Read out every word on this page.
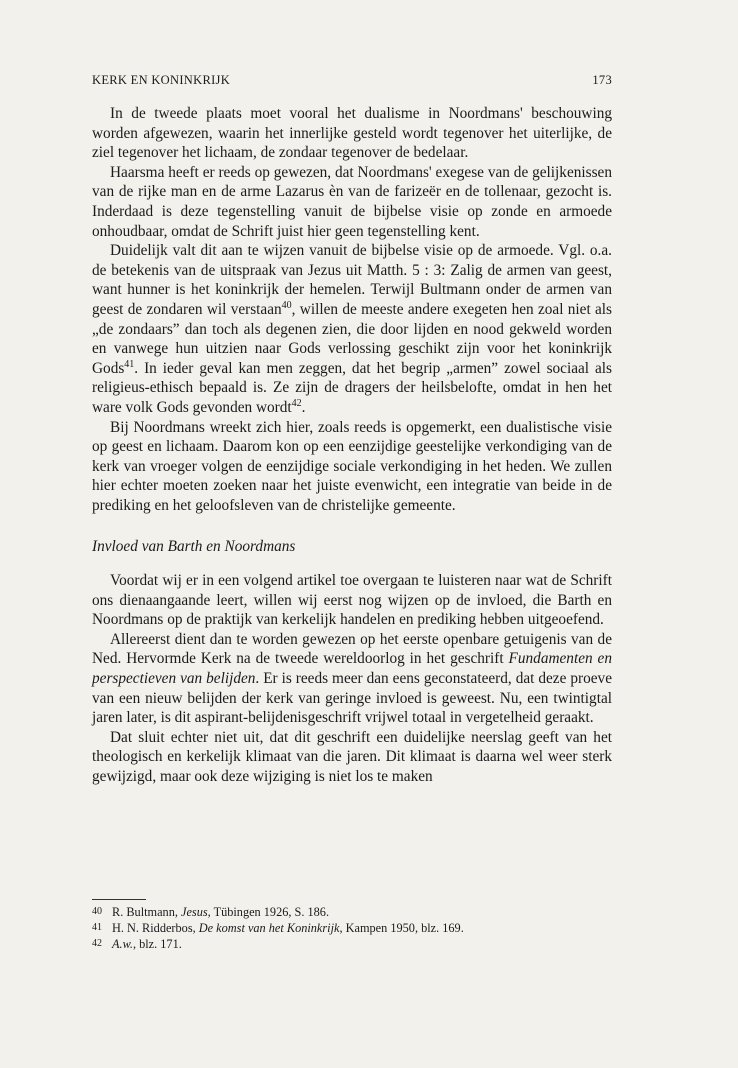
KERK EN KONINKRIJK	173

In de tweede plaats moet vooral het dualisme in Noordmans' beschouwing worden afgewezen, waarin het innerlijke gesteld wordt tegenover het uiterlijke, de ziel tegenover het lichaam, de zondaar tegenover de bedelaar.

Haarsma heeft er reeds op gewezen, dat Noordmans' exegese van de gelijkenissen van de rijke man en de arme Lazarus èn van de farizeër en de tollenaar, gezocht is. Inderdaad is deze tegenstelling vanuit de bijbelse visie op zonde en armoede onhoudbaar, omdat de Schrift juist hier geen tegenstelling kent.

Duidelijk valt dit aan te wijzen vanuit de bijbelse visie op de armoede. Vgl. o.a. de betekenis van de uitspraak van Jezus uit Matth. 5 : 3: Zalig de armen van geest, want hunner is het koninkrijk der hemelen. Terwijl Bultmann onder de armen van geest de zondaren wil verstaan$^{40}$, willen de meeste andere exegeten hen zoal niet als „de zondaars” dan toch als degenen zien, die door lijden en nood gekweld worden en vanwege hun uitzien naar Gods verlossing geschikt zijn voor het koninkrijk Gods$^{41}$. In ieder geval kan men zeggen, dat het begrip „armen” zowel sociaal als religieus-ethisch bepaald is. Ze zijn de dragers der heilsbelofte, omdat in hen het ware volk Gods gevonden wordt$^{42}$.

Bij Noordmans wreekt zich hier, zoals reeds is opgemerkt, een dualistische visie op geest en lichaam. Daarom kon op een eenzijdige geestelijke verkondiging van de kerk van vroeger volgen de eenzijdige sociale verkondiging in het heden. We zullen hier echter moeten zoeken naar het juiste evenwicht, een integratie van beide in de prediking en het geloofsleven van de christelijke gemeente.

Invloed van Barth en Noordmans

Voordat wij er in een volgend artikel toe overgaan te luisteren naar wat de Schrift ons dienaangaande leert, willen wij eerst nog wijzen op de invloed, die Barth en Noordmans op de praktijk van kerkelijk handelen en prediking hebben uitgeoefend.

Allereerst dient dan te worden gewezen op het eerste openbare getuigenis van de Ned. Hervormde Kerk na de tweede wereldoorlog in het geschrift Fundamenten en perspectieven van belijden. Er is reeds meer dan eens geconstateerd, dat deze proeve van een nieuw belijden der kerk van geringe invloed is geweest. Nu, een twintigtal jaren later, is dit aspirant-belijdenisgeschrift vrijwel totaal in vergetelheid geraakt.

Dat sluit echter niet uit, dat dit geschrift een duidelijke neerslag geeft van het theologisch en kerkelijk klimaat van die jaren. Dit klimaat is daarna wel weer sterk gewijzigd, maar ook deze wijziging is niet los te maken

40 R. Bultmann, Jesus, Tübingen 1926, S. 186.
41 H. N. Ridderbos, De komst van het Koninkrijk, Kampen 1950, blz. 169.
42 A.w., blz. 171.
